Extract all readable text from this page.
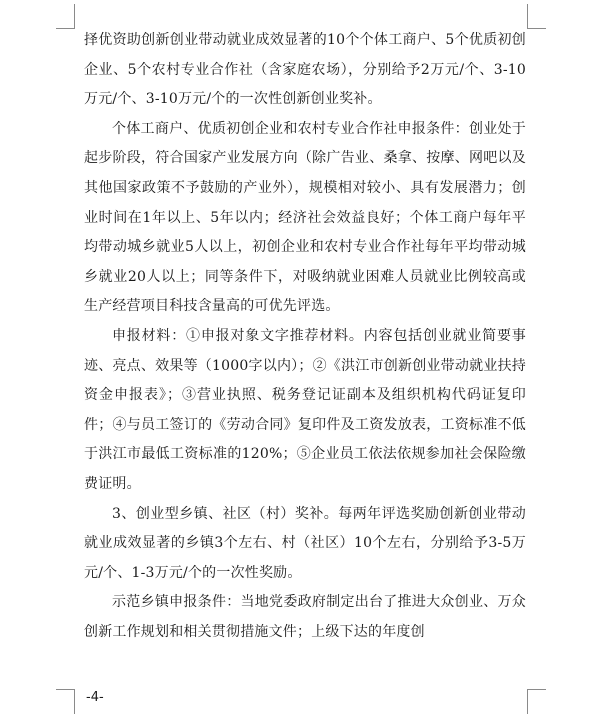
择优资助创新创业带动就业成效显著的10个个体工商户、5个优质初创企业、5个农村专业合作社（含家庭农场），分别给予2万元/个、3-10万元/个、3-10万元/个的一次性创新创业奖补。

个体工商户、优质初创企业和农村专业合作社申报条件：创业处于起步阶段，符合国家产业发展方向（除广告业、桑拿、按摩、网吧以及其他国家政策不予鼓励的产业外），规模相对较小、具有发展潜力；创业时间在1年以上、5年以内；经济社会效益良好；个体工商户每年平均带动城乡就业5人以上，初创企业和农村专业合作社每年平均带动城乡就业20人以上；同等条件下，对吸纳就业困难人员就业比例较高或生产经营项目科技含量高的可优先评选。

申报材料：①申报对象文字推荐材料。内容包括创业就业简要事迹、亮点、效果等（1000字以内）；②《洪江市创新创业带动就业扶持资金申报表》；③营业执照、税务登记证副本及组织机构代码证复印件；④与员工签订的《劳动合同》复印件及工资发放表，工资标准不低于洪江市最低工资标准的120%；⑤企业员工依法依规参加社会保险缴费证明。

3、创业型乡镇、社区（村）奖补。每两年评选奖励创新创业带动就业成效显著的乡镇3个左右、村（社区）10个左右，分别给予3-5万元/个、1-3万元/个的一次性奖励。

示范乡镇申报条件：当地党委政府制定出台了推进大众创业、万众创新工作规划和相关贯彻措施文件；上级下达的年度创

-4-
